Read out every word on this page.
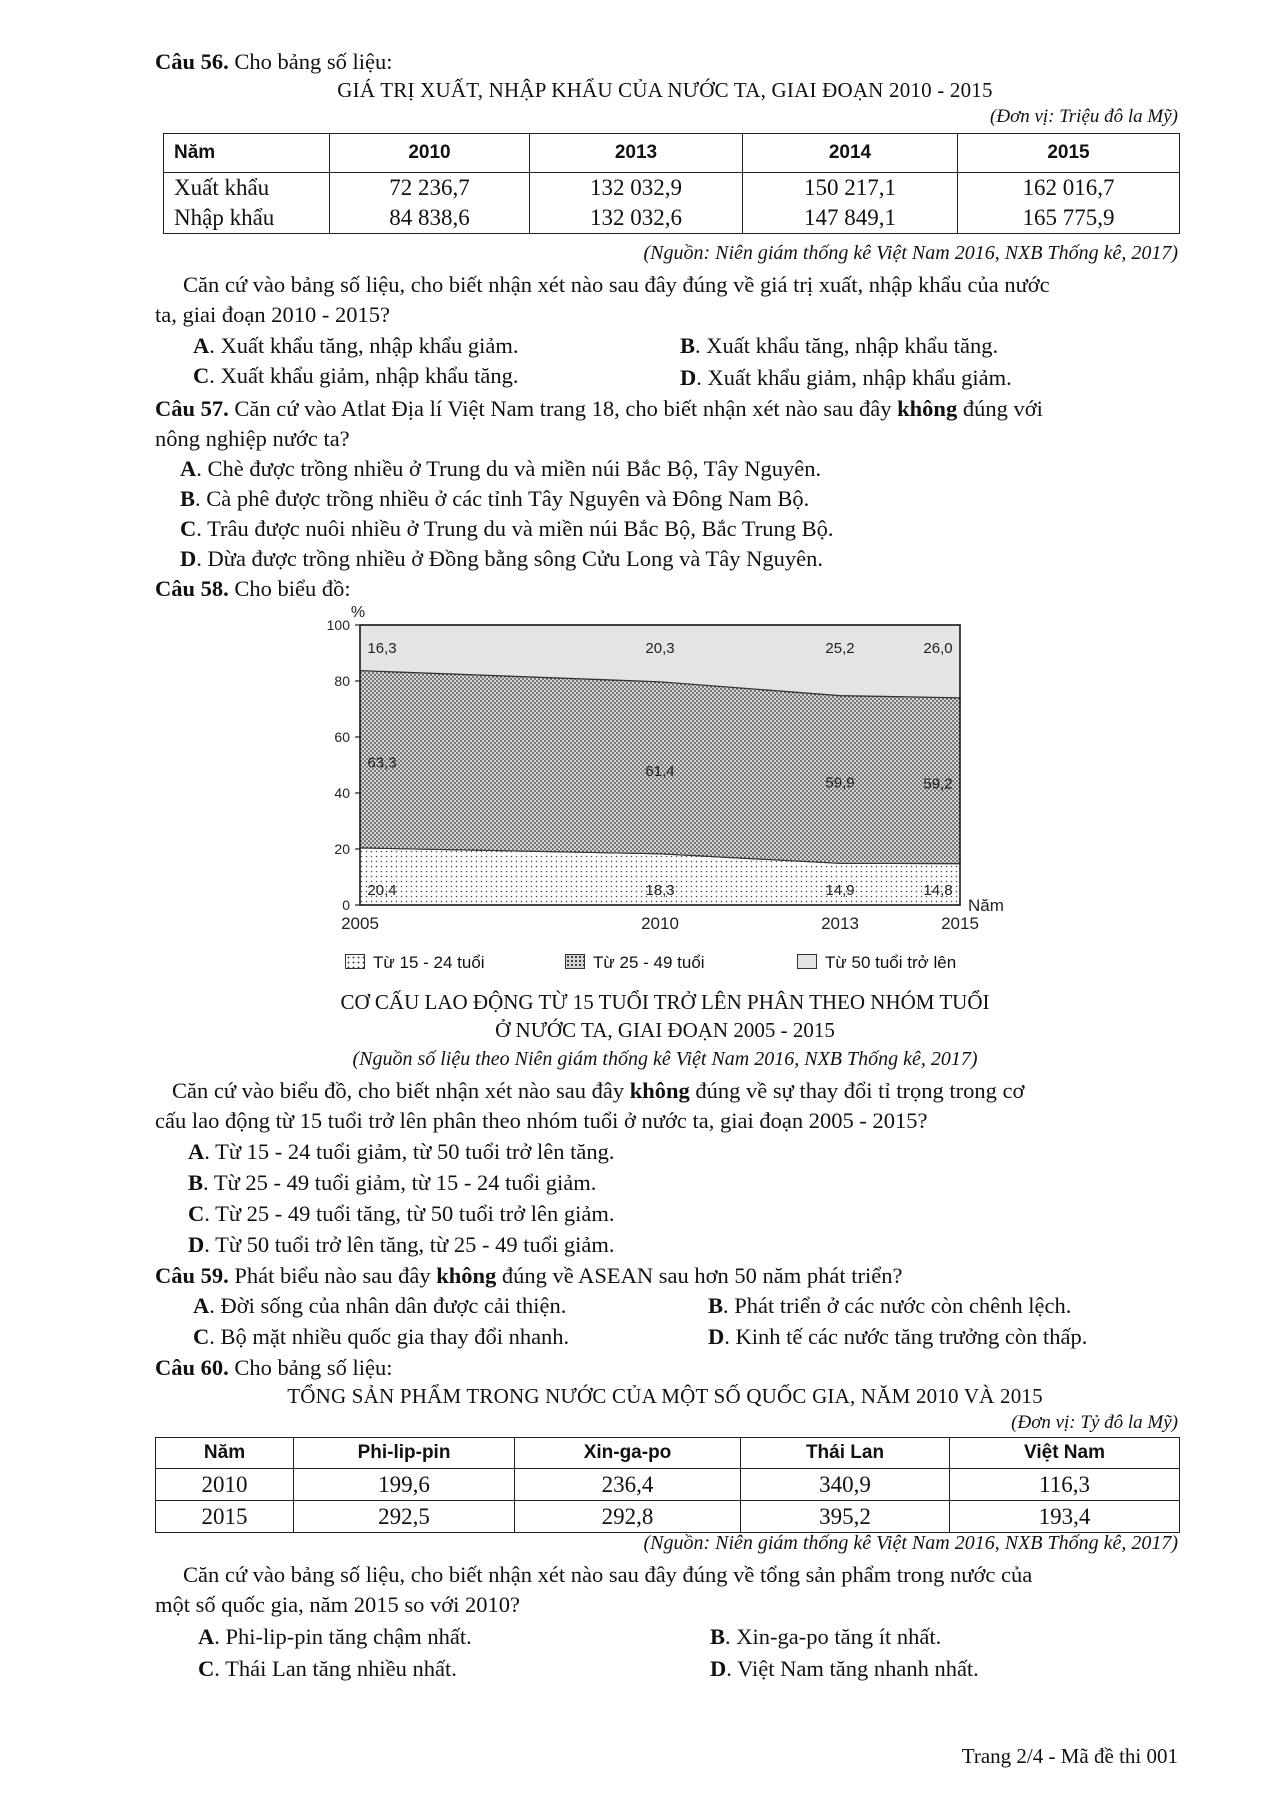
Câu 56. Cho bảng số liệu:
GIÁ TRỊ XUẤT, NHẬP KHẨU CỦA NƯỚC TA, GIAI ĐOẠN 2010 - 2015
(Đơn vị: Triệu đô la Mỹ)
Năm	2010	2013	2014	2015
Xuất khẩu	72 236,7	132 032,9	150 217,1	162 016,7
Nhập khẩu	84 838,6	132 032,6	147 849,1	165 775,9
(Nguồn: Niên giám thống kê Việt Nam 2016, NXB Thống kê, 2017)
Căn cứ vào bảng số liệu, cho biết nhận xét nào sau đây đúng về giá trị xuất, nhập khẩu của nước
ta, giai đoạn 2010 - 2015?
A. Xuất khẩu tăng, nhập khẩu giảm.	B. Xuất khẩu tăng, nhập khẩu tăng.
C. Xuất khẩu giảm, nhập khẩu tăng.	D. Xuất khẩu giảm, nhập khẩu giảm.
Câu 57. Căn cứ vào Atlat Địa lí Việt Nam trang 18, cho biết nhận xét nào sau đây không đúng với
nông nghiệp nước ta?
A. Chè được trồng nhiều ở Trung du và miền núi Bắc Bộ, Tây Nguyên.
B. Cà phê được trồng nhiều ở các tỉnh Tây Nguyên và Đông Nam Bộ.
C. Trâu được nuôi nhiều ở Trung du và miền núi Bắc Bộ, Bắc Trung Bộ.
D. Dừa được trồng nhiều ở Đồng bằng sông Cửu Long và Tây Nguyên.
Câu 58. Cho biểu đồ:
0
20
40
60
80
100
%
2005	2010	2013	2015
Năm
20,4	18,3	14,9	14,8
63,3
61,4
59,9	59,2
16,3	20,3	25,2	26,0
Từ 15 - 24 tuổi	Từ 25 - 49 tuổi	Từ 50 tuổi trở lên
CƠ CẤU LAO ĐỘNG TỪ 15 TUỔI TRỞ LÊN PHÂN THEO NHÓM TUỔI
Ở NƯỚC TA, GIAI ĐOẠN 2005 - 2015
(Nguồn số liệu theo Niên giám thống kê Việt Nam 2016, NXB Thống kê, 2017)
Căn cứ vào biểu đồ, cho biết nhận xét nào sau đây không đúng về sự thay đổi tỉ trọng trong cơ
cấu lao động từ 15 tuổi trở lên phân theo nhóm tuổi ở nước ta, giai đoạn 2005 - 2015?
A. Từ 15 - 24 tuổi giảm, từ 50 tuổi trở lên tăng.
B. Từ 25 - 49 tuổi giảm, từ 15 - 24 tuổi giảm.
C. Từ 25 - 49 tuổi tăng, từ 50 tuổi trở lên giảm.
D. Từ 50 tuổi trở lên tăng, từ 25 - 49 tuổi giảm.
Câu 59. Phát biểu nào sau đây không đúng về ASEAN sau hơn 50 năm phát triển?
A. Đời sống của nhân dân được cải thiện.	B. Phát triển ở các nước còn chênh lệch.
C. Bộ mặt nhiều quốc gia thay đổi nhanh.	D. Kinh tế các nước tăng trưởng còn thấp.
Câu 60. Cho bảng số liệu:
TỔNG SẢN PHẨM TRONG NƯỚC CỦA MỘT SỐ QUỐC GIA, NĂM 2010 VÀ 2015
(Đơn vị: Tỷ đô la Mỹ)
Năm	Phi-lip-pin	Xin-ga-po	Thái Lan	Việt Nam
2010	199,6	236,4	340,9	116,3
2015	292,5	292,8	395,2	193,4
(Nguồn: Niên giám thống kê Việt Nam 2016, NXB Thống kê, 2017)
Căn cứ vào bảng số liệu, cho biết nhận xét nào sau đây đúng về tổng sản phẩm trong nước của
một số quốc gia, năm 2015 so với 2010?
A. Phi-lip-pin tăng chậm nhất.	B. Xin-ga-po tăng ít nhất.
C. Thái Lan tăng nhiều nhất.	D. Việt Nam tăng nhanh nhất.
Trang 2/4 - Mã đề thi 001
